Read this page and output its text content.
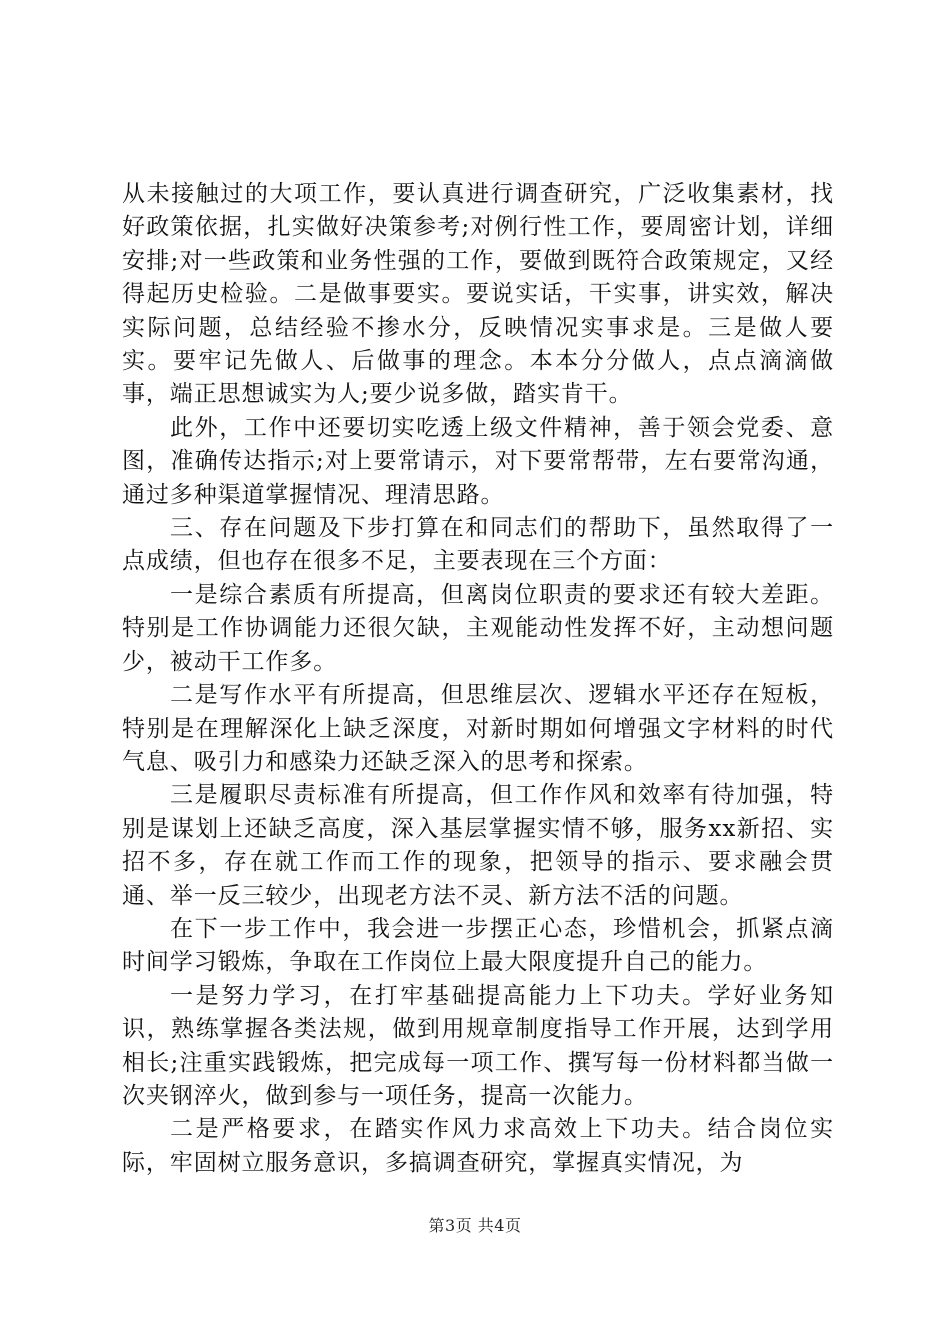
从未接触过的大项工作，要认真进行调查研究，广泛收集素材，找好政策依据，扎实做好决策参考;对例行性工作，要周密计划，详细安排;对一些政策和业务性强的工作，要做到既符合政策规定，又经得起历史检验。二是做事要实。要说实话，干实事，讲实效，解决实际问题，总结经验不掺水分，反映情况实事求是。三是做人要实。要牢记先做人、后做事的理念。本本分分做人，点点滴滴做事，端正思想诚实为人;要少说多做，踏实肯干。

此外，工作中还要切实吃透上级文件精神，善于领会党委、意图，准确传达指示;对上要常请示，对下要常帮带，左右要常沟通，通过多种渠道掌握情况、理清思路。

三、存在问题及下步打算在和同志们的帮助下，虽然取得了一点成绩，但也存在很多不足，主要表现在三个方面：

一是综合素质有所提高，但离岗位职责的要求还有较大差距。特别是工作协调能力还很欠缺，主观能动性发挥不好，主动想问题少，被动干工作多。

二是写作水平有所提高，但思维层次、逻辑水平还存在短板，特别是在理解深化上缺乏深度，对新时期如何增强文字材料的时代气息、吸引力和感染力还缺乏深入的思考和探索。

三是履职尽责标准有所提高，但工作作风和效率有待加强，特别是谋划上还缺乏高度，深入基层掌握实情不够，服务xx新招、实招不多，存在就工作而工作的现象，把领导的指示、要求融会贯通、举一反三较少，出现老方法不灵、新方法不活的问题。

在下一步工作中，我会进一步摆正心态，珍惜机会，抓紧点滴时间学习锻炼，争取在工作岗位上最大限度提升自己的能力。

一是努力学习，在打牢基础提高能力上下功夫。学好业务知识，熟练掌握各类法规，做到用规章制度指导工作开展，达到学用相长;注重实践锻炼，把完成每一项工作、撰写每一份材料都当做一次夹钢淬火，做到参与一项任务，提高一次能力。

二是严格要求，在踏实作风力求高效上下功夫。结合岗位实际，牢固树立服务意识，多搞调查研究，掌握真实情况，为

第3页 共4页
